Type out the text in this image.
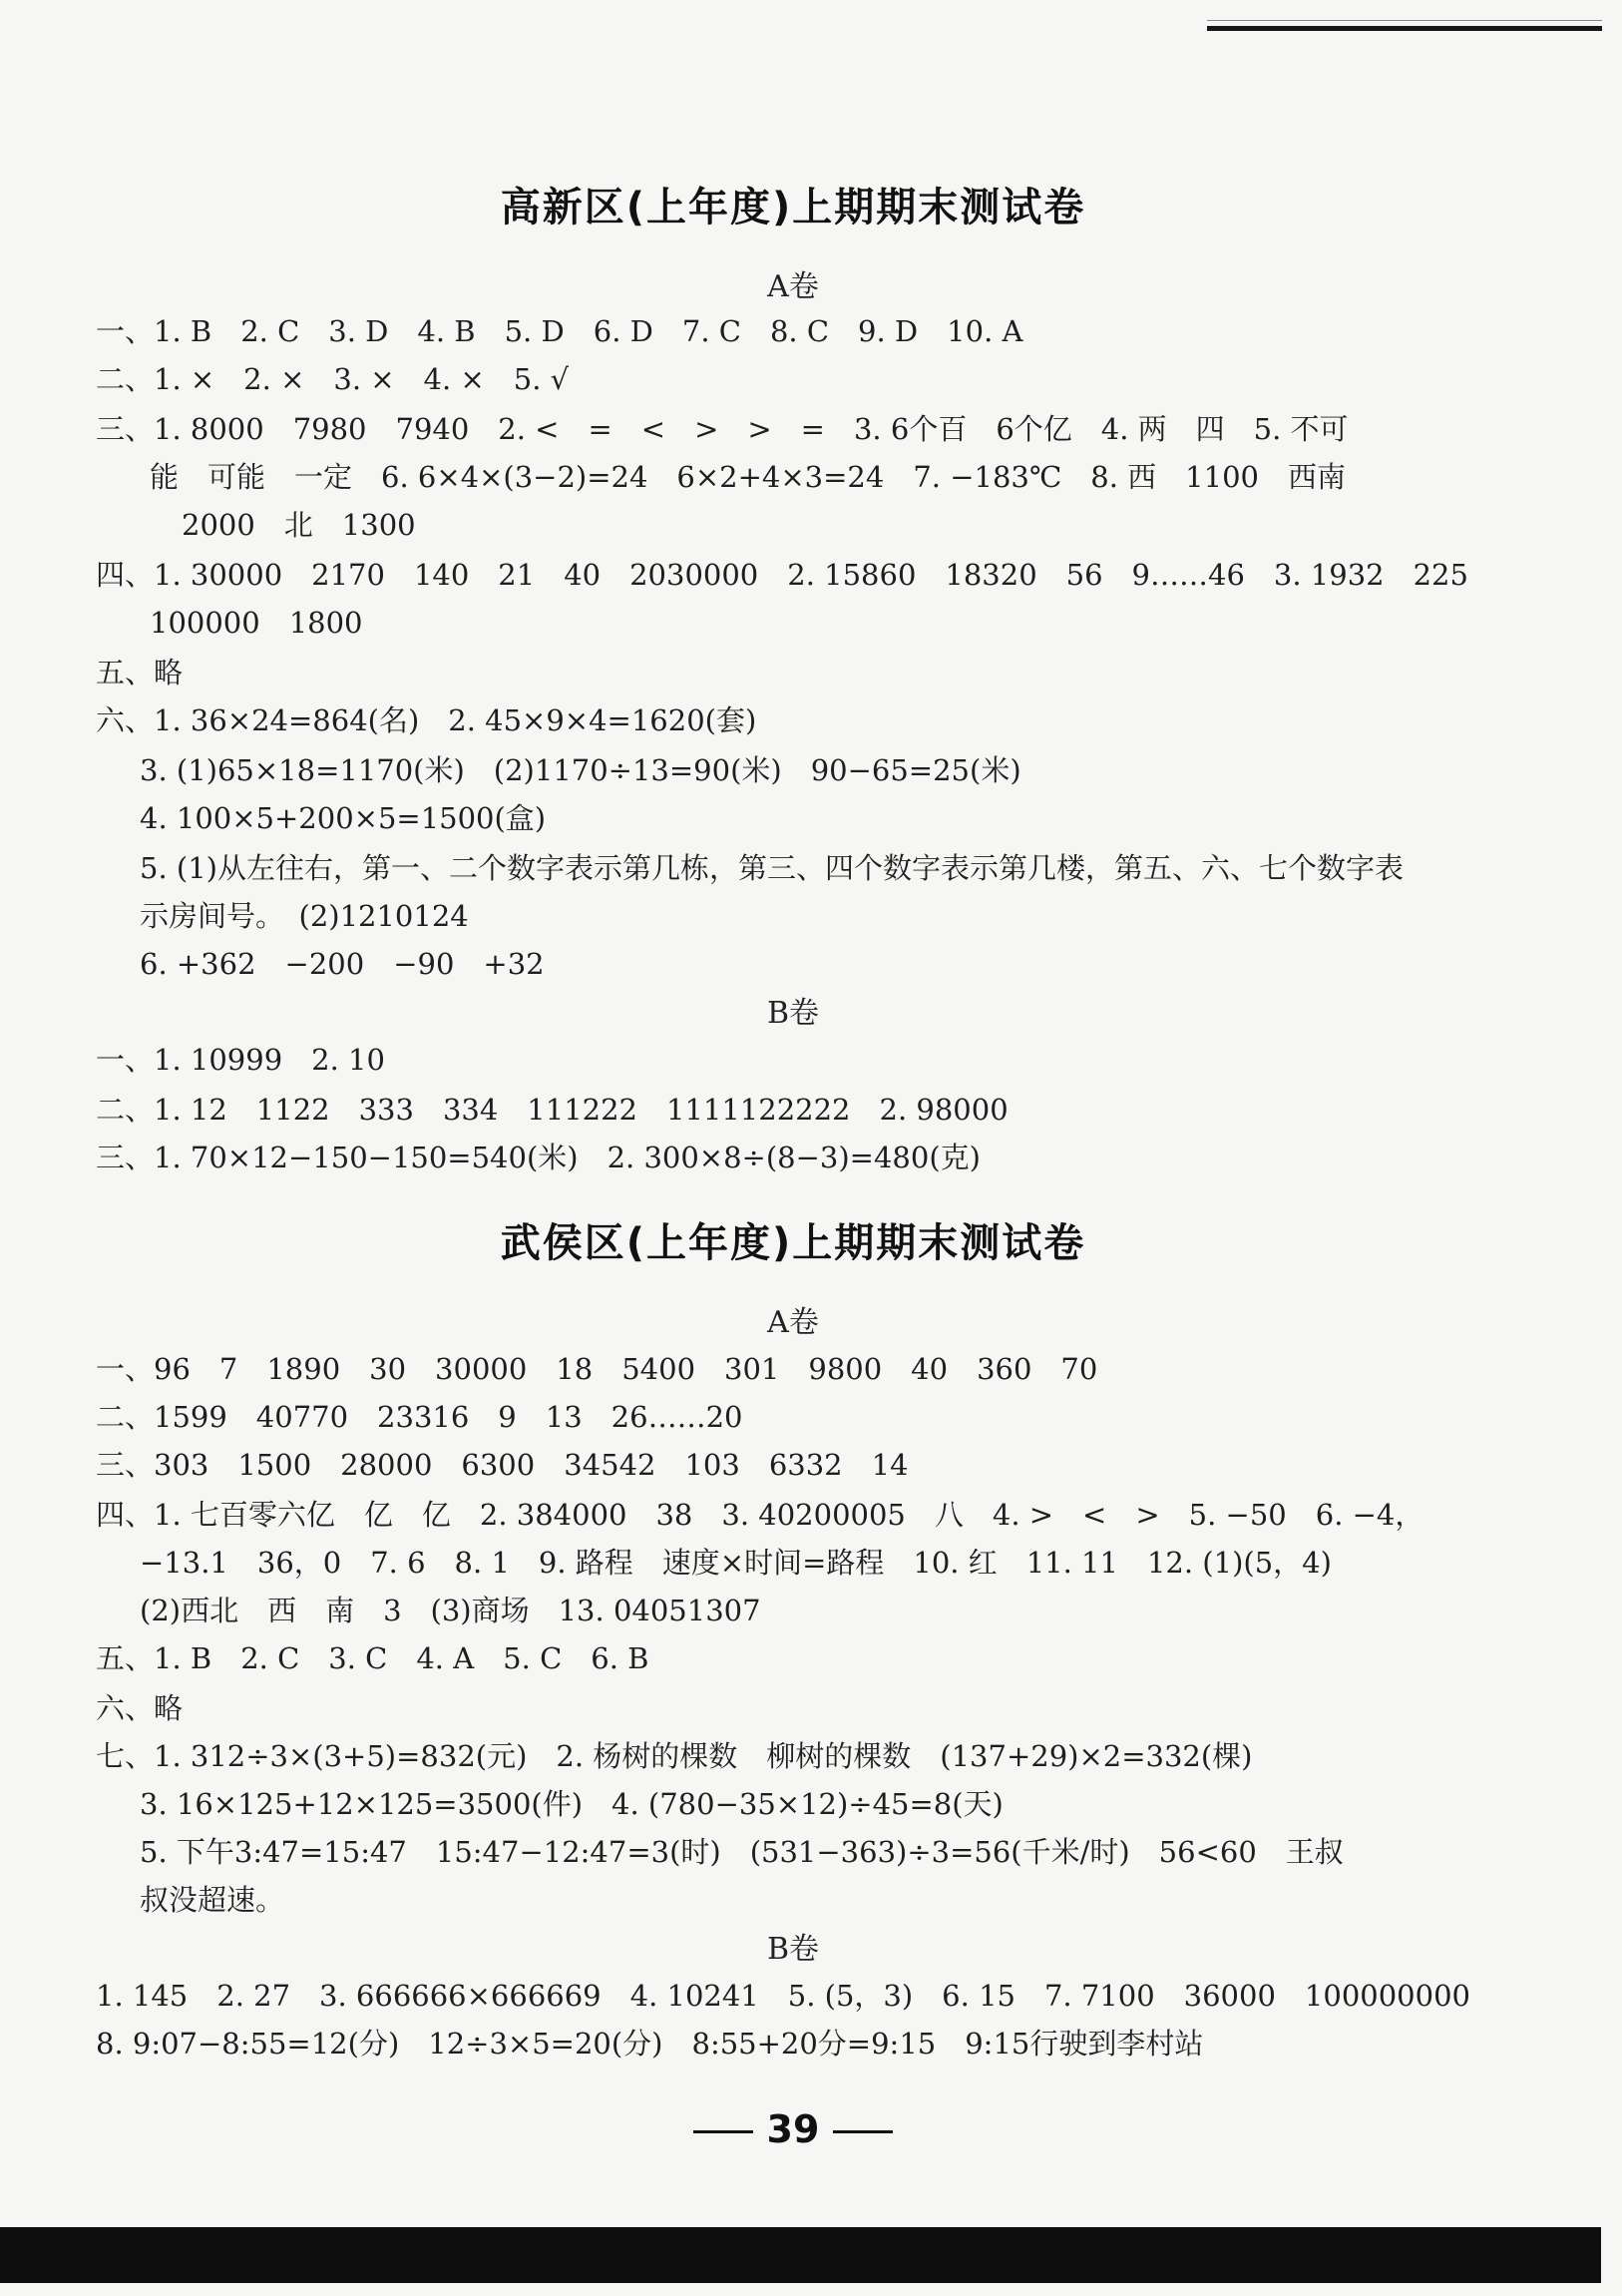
高新区(上年度)上期期末测试卷
A卷
一、1. B　2. C　3. D　4. B　5. D　6. D　7. C　8. C　9. D　10. A
二、1. ×　2. ×　3. ×　4. ×　5. √
三、1. 8000　7980　7940　2. <　=　<　>　>　=　3. 6个百　6个亿　4. 两　四　5. 不可
能　可能　一定　6. 6×4×(3−2)=24　6×2+4×3=24　7. −183℃　8. 西　1100　西南
2000　北　1300
四、1. 30000　2170　140　21　40　2030000　2. 15860　18320　56　9……46　3. 1932　225
100000　1800
五、略
六、1. 36×24=864(名)　2. 45×9×4=1620(套)
3. (1)65×18=1170(米)　(2)1170÷13=90(米)　90−65=25(米)
4. 100×5+200×5=1500(盒)
5. (1)从左往右，第一、二个数字表示第几栋，第三、四个数字表示第几楼，第五、六、七个数字表
示房间号。　(2)1210124
6. +362　−200　−90　+32
B卷
一、1. 10999　2. 10
二、1. 12　1122　333　334　111222　1111122222　2. 98000
三、1. 70×12−150−150=540(米)　2. 300×8÷(8−3)=480(克)
武侯区(上年度)上期期末测试卷
A卷
一、96　7　1890　30　30000　18　5400　301　9800　40　360　70
二、1599　40770　23316　9　13　26……20
三、303　1500　28000　6300　34542　103　6332　14
四、1. 七百零六亿　亿　亿　2. 384000　38　3. 40200005　八　4. >　<　>　5. −50　6. −4，
−13.1　36，0　7. 6　8. 1　9. 路程　速度×时间=路程　10. 红　11. 11　12. (1)(5，4)
(2)西北　西　南　3　(3)商场　13. 04051307
五、1. B　2. C　3. C　4. A　5. C　6. B
六、略
七、1. 312÷3×(3+5)=832(元)　2. 杨树的棵数　柳树的棵数　(137+29)×2=332(棵)
3. 16×125+12×125=3500(件)　4. (780−35×12)÷45=8(天)
5. 下午3:47=15:47　15:47−12:47=3(时)　(531−363)÷3=56(千米/时)　56<60　王叔
叔没超速。
B卷
1. 145　2. 27　3. 666666×666669　4. 10241　5. (5，3)　6. 15　7. 7100　36000　100000000
8. 9:07−8:55=12(分)　12÷3×5=20(分)　8:55+20分=9:15　9:15行驶到李村站
39
